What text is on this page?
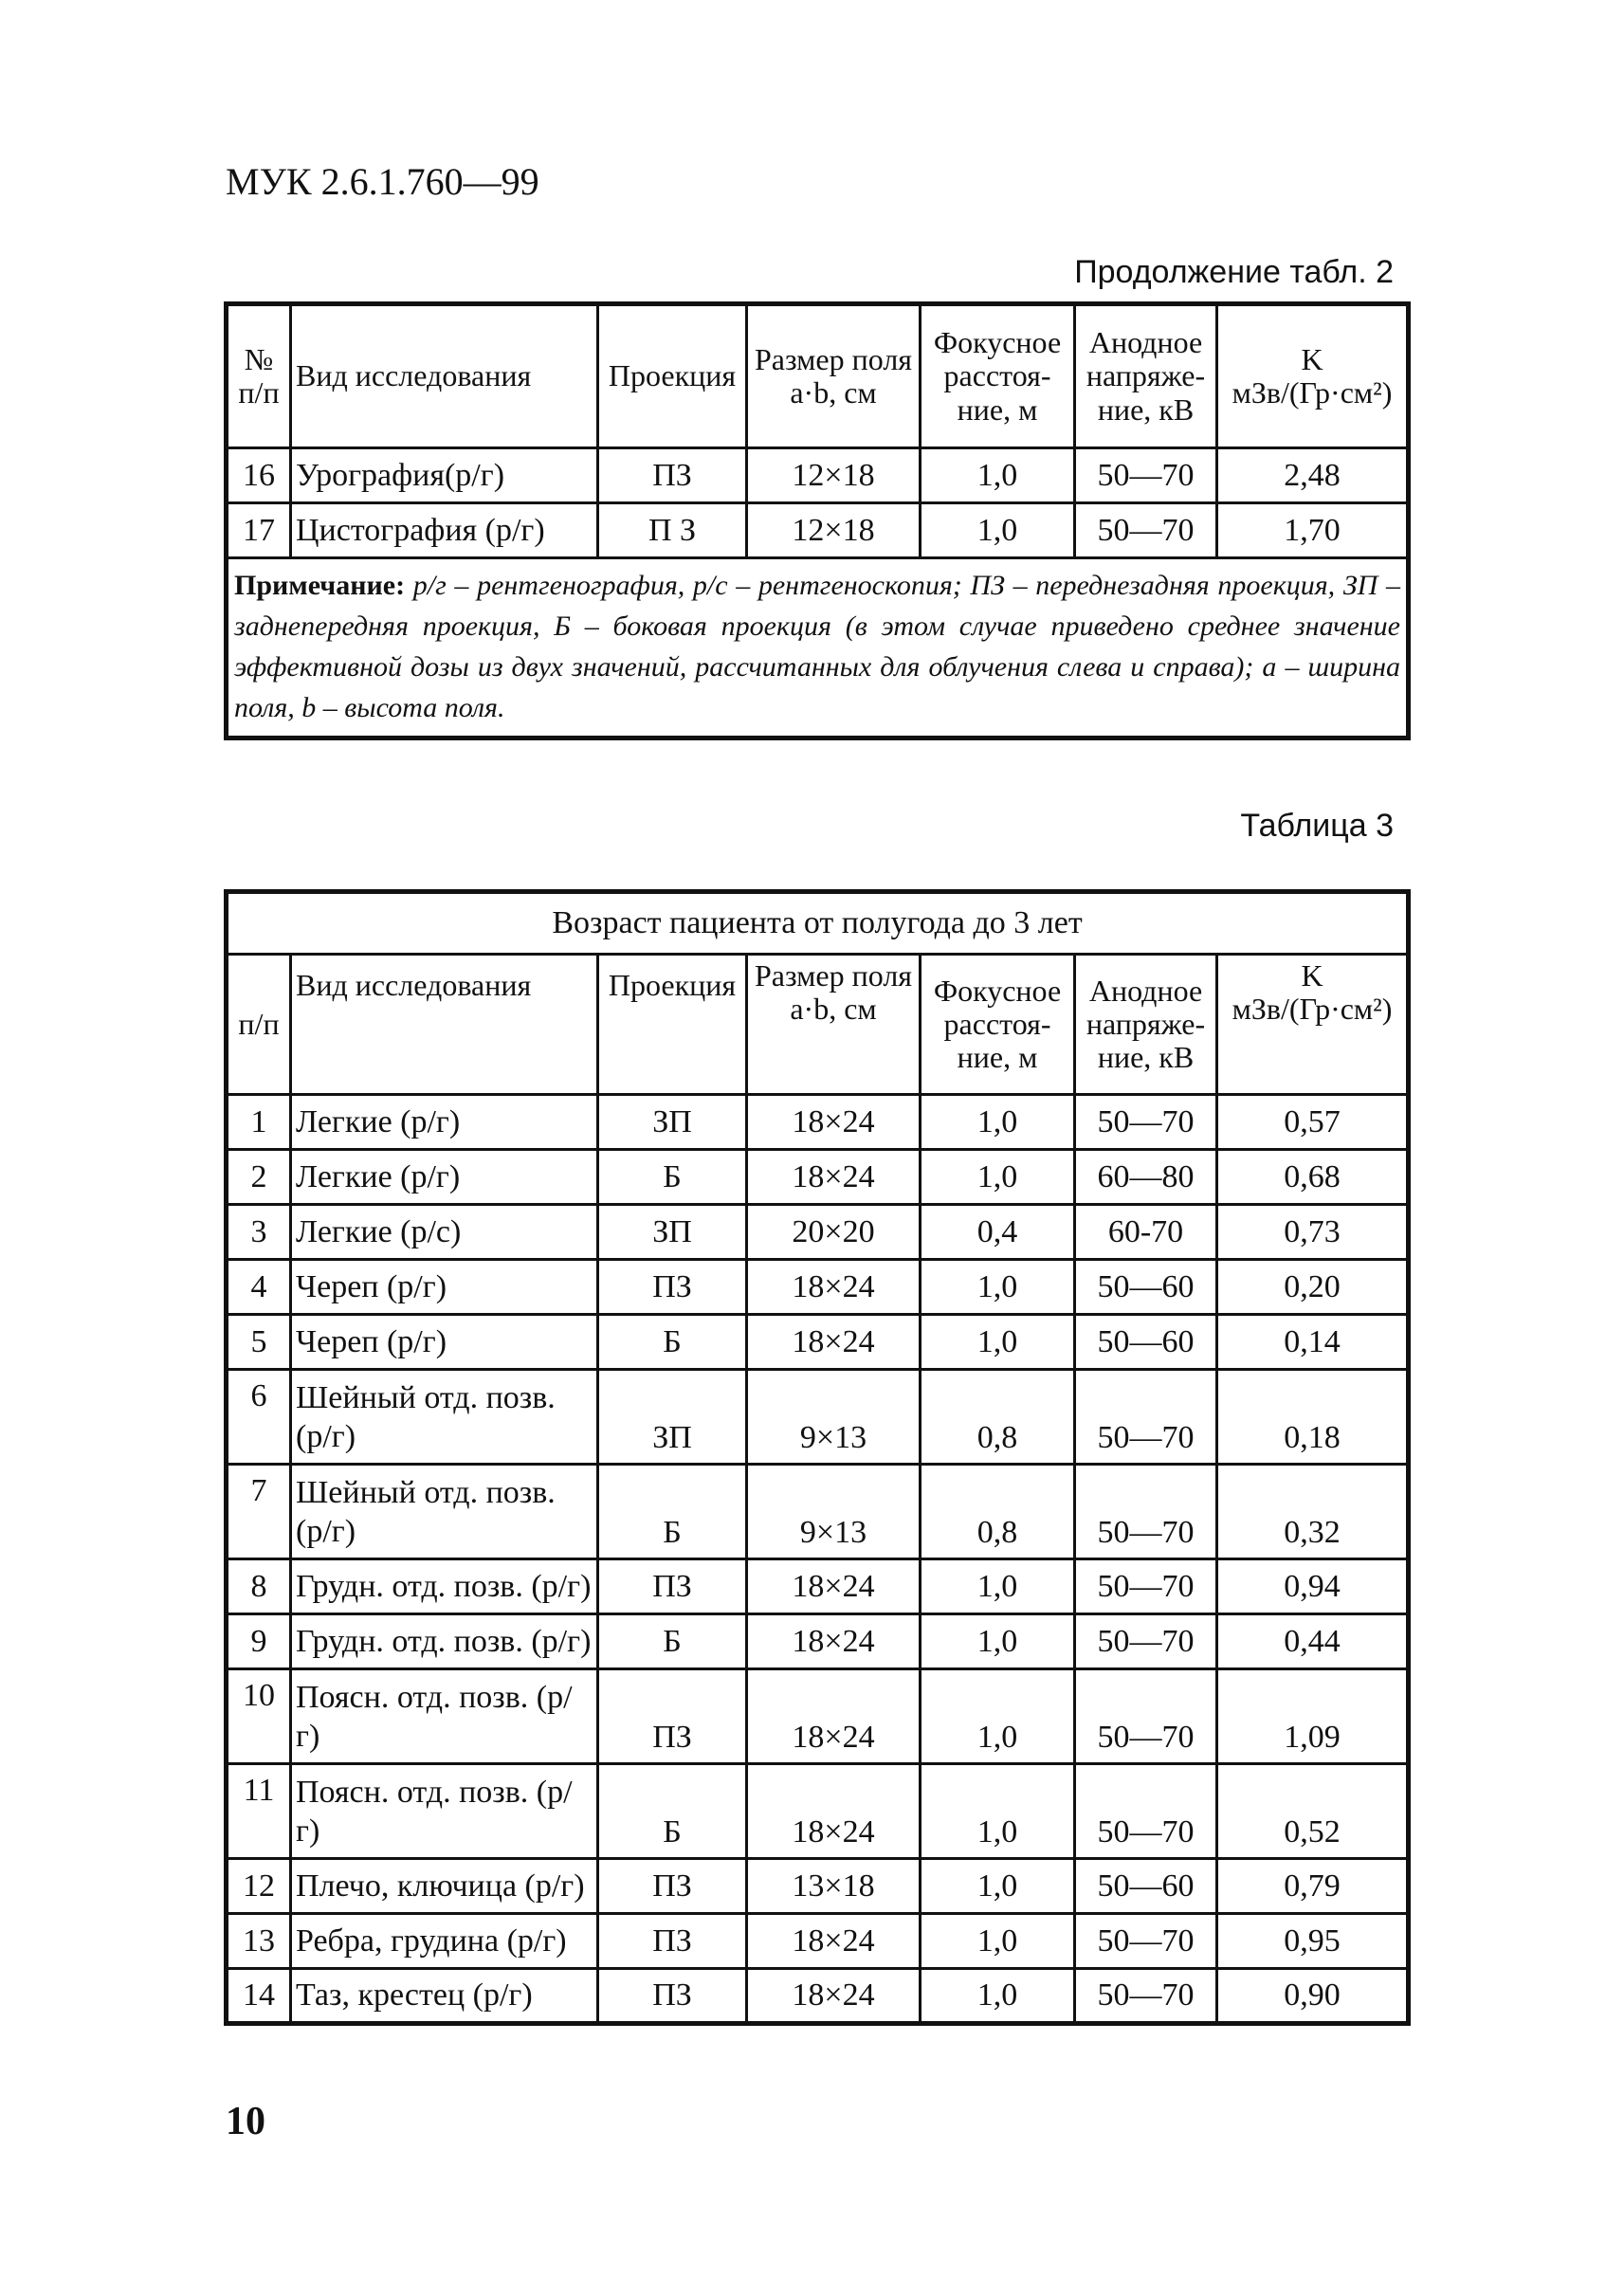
МУК 2.6.1.760—99
Продолжение табл. 2
№ п/п	Вид исследования	Проекция	Размер поля a·b, см	Фокусное расстоя-ние, м	Анодное напряже-ние, кВ	K мЗв/(Гр·см²)
16	Урография(р/г)	ПЗ	12×18	1,0	50—70	2,48
17	Цистография (р/г)	П З	12×18	1,0	50—70	1,70
Примечание: р/г – рентгенография, р/с – рентгеноскопия; ПЗ – переднезадняя проекция, ЗП – заднепередняя проекция, Б – боковая проекция (в этом случае приведено среднее значение эффективной дозы из двух значений, рассчитанных для облучения слева и справа); а – ширина поля, b – высота поля.						
Таблица 3
Возраст пациента от полугода до 3 лет						
п/п	Вид исследования	Проекция	Размер поля a·b, см	Фокусное расстоя-ние, м	Анодное напряже-ние, кВ	K мЗв/(Гр·см²)
1	Легкие (р/г)	ЗП	18×24	1,0	50—70	0,57
2	Легкие (р/г)	Б	18×24	1,0	60—80	0,68
3	Легкие (р/с)	ЗП	20×20	0,4	60-70	0,73
4	Череп (р/г)	ПЗ	18×24	1,0	50—60	0,20
5	Череп (р/г)	Б	18×24	1,0	50—60	0,14
6	Шейный отд. позв. (р/г)	ЗП	9×13	0,8	50—70	0,18
7	Шейный отд. позв. (р/г)	Б	9×13	0,8	50—70	0,32
8	Грудн. отд. позв. (р/г)	ПЗ	18×24	1,0	50—70	0,94
9	Грудн. отд. позв. (р/г)	Б	18×24	1,0	50—70	0,44
10	Поясн. отд. позв. (р/г)	ПЗ	18×24	1,0	50—70	1,09
11	Поясн. отд. позв. (р/г)	Б	18×24	1,0	50—70	0,52
12	Плечо, ключица (р/г)	ПЗ	13×18	1,0	50—60	0,79
13	Ребра, грудина (р/г)	ПЗ	18×24	1,0	50—70	0,95
14	Таз, крестец (р/г)	ПЗ	18×24	1,0	50—70	0,90
10
